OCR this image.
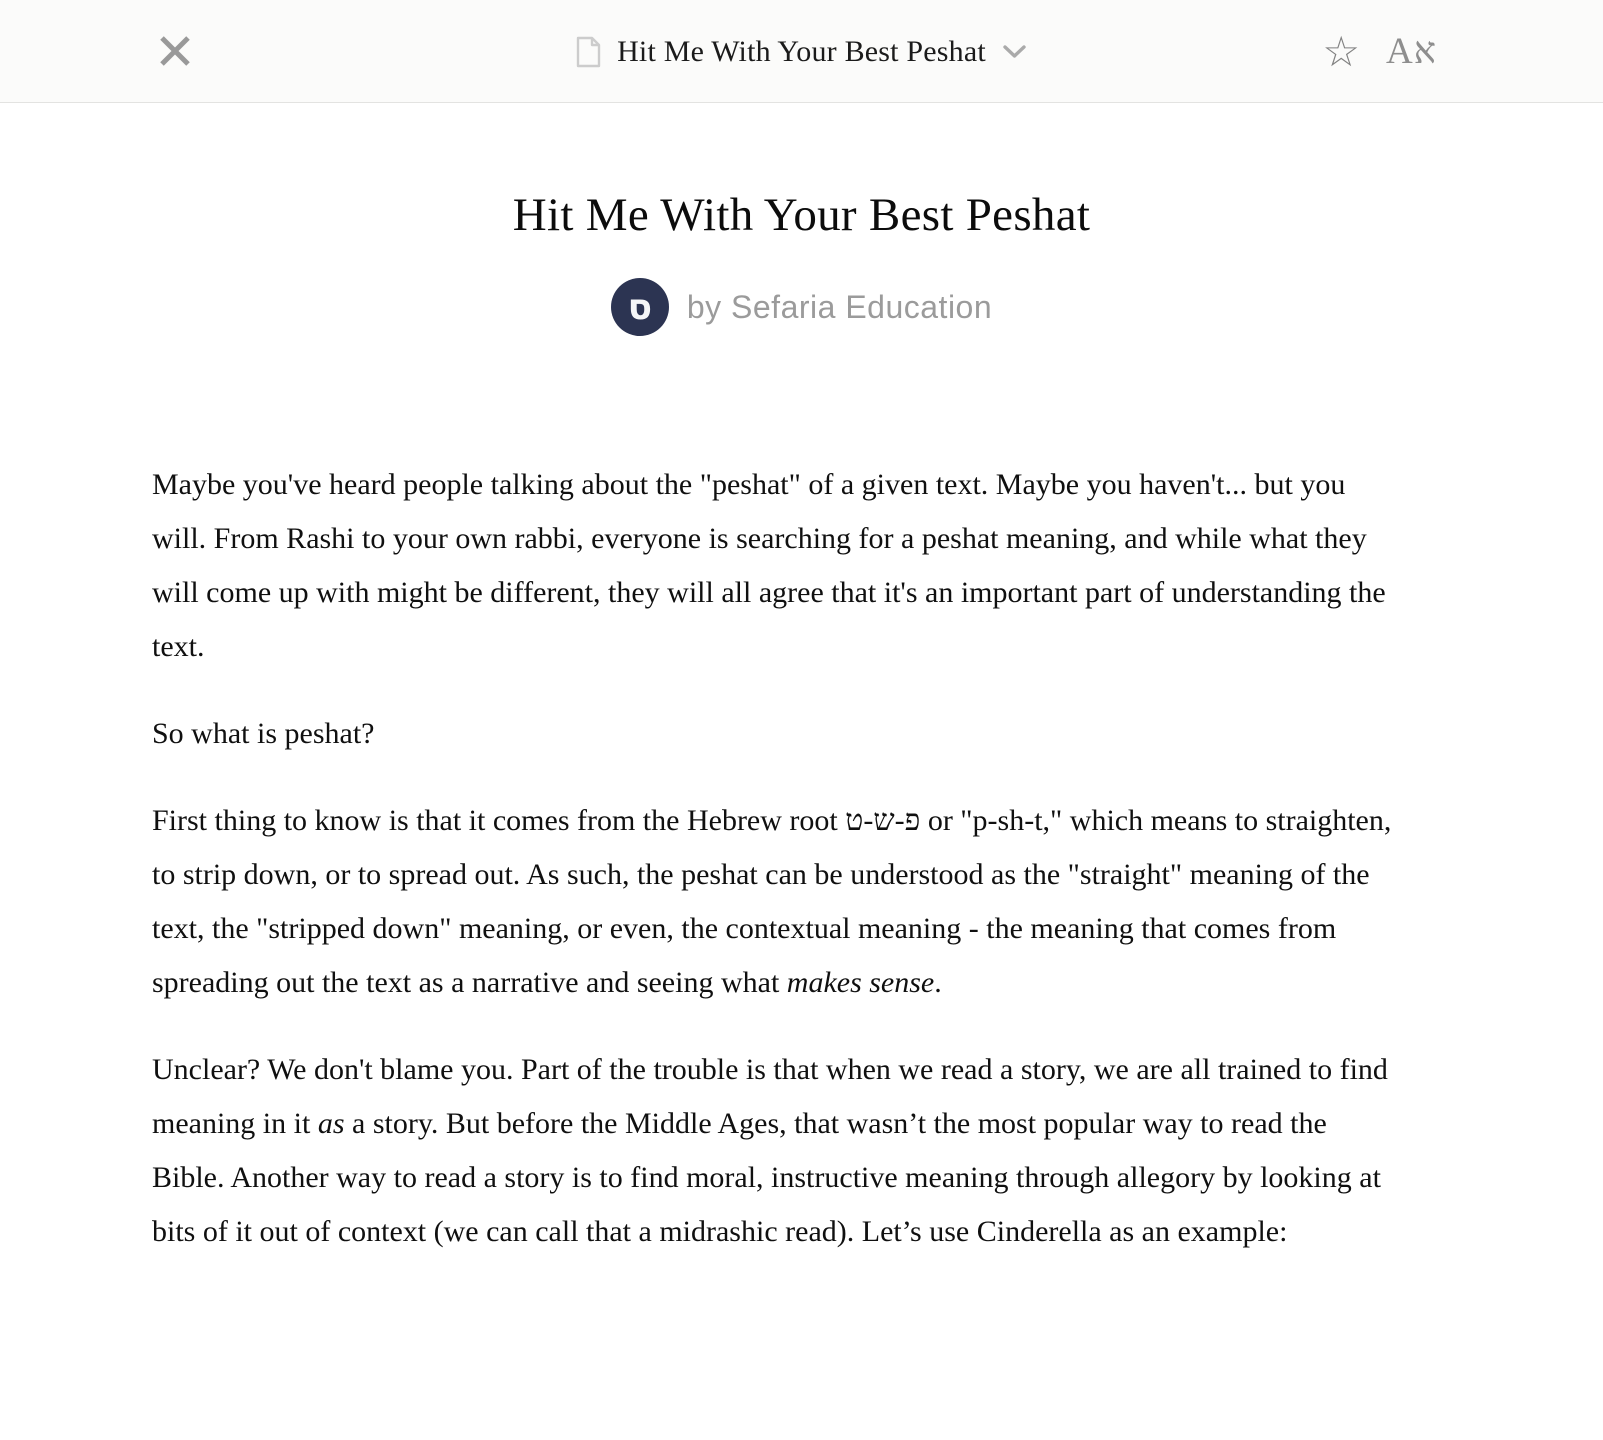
Hit Me With Your Best Peshat	☆ Aא
Hit Me With Your Best Peshat
ס	by Sefaria Education

Maybe you've heard people talking about the "peshat" of a given text. Maybe you haven't... but you will. From Rashi to your own rabbi, everyone is searching for a peshat meaning, and while what they will come up with might be different, they will all agree that it's an important part of understanding the text.

So what is peshat?

First thing to know is that it comes from the Hebrew root פ-ש-ט or "p-sh-t," which means to straighten, to strip down, or to spread out. As such, the peshat can be understood as the "straight" meaning of the text, the "stripped down" meaning, or even, the contextual meaning - the meaning that comes from spreading out the text as a narrative and seeing what makes sense.

Unclear? We don't blame you. Part of the trouble is that when we read a story, we are all trained to find meaning in it as a story. But before the Middle Ages, that wasn’t the most popular way to read the Bible. Another way to read a story is to find moral, instructive meaning through allegory by looking at bits of it out of context (we can call that a midrashic read). Let’s use Cinderella as an example:
